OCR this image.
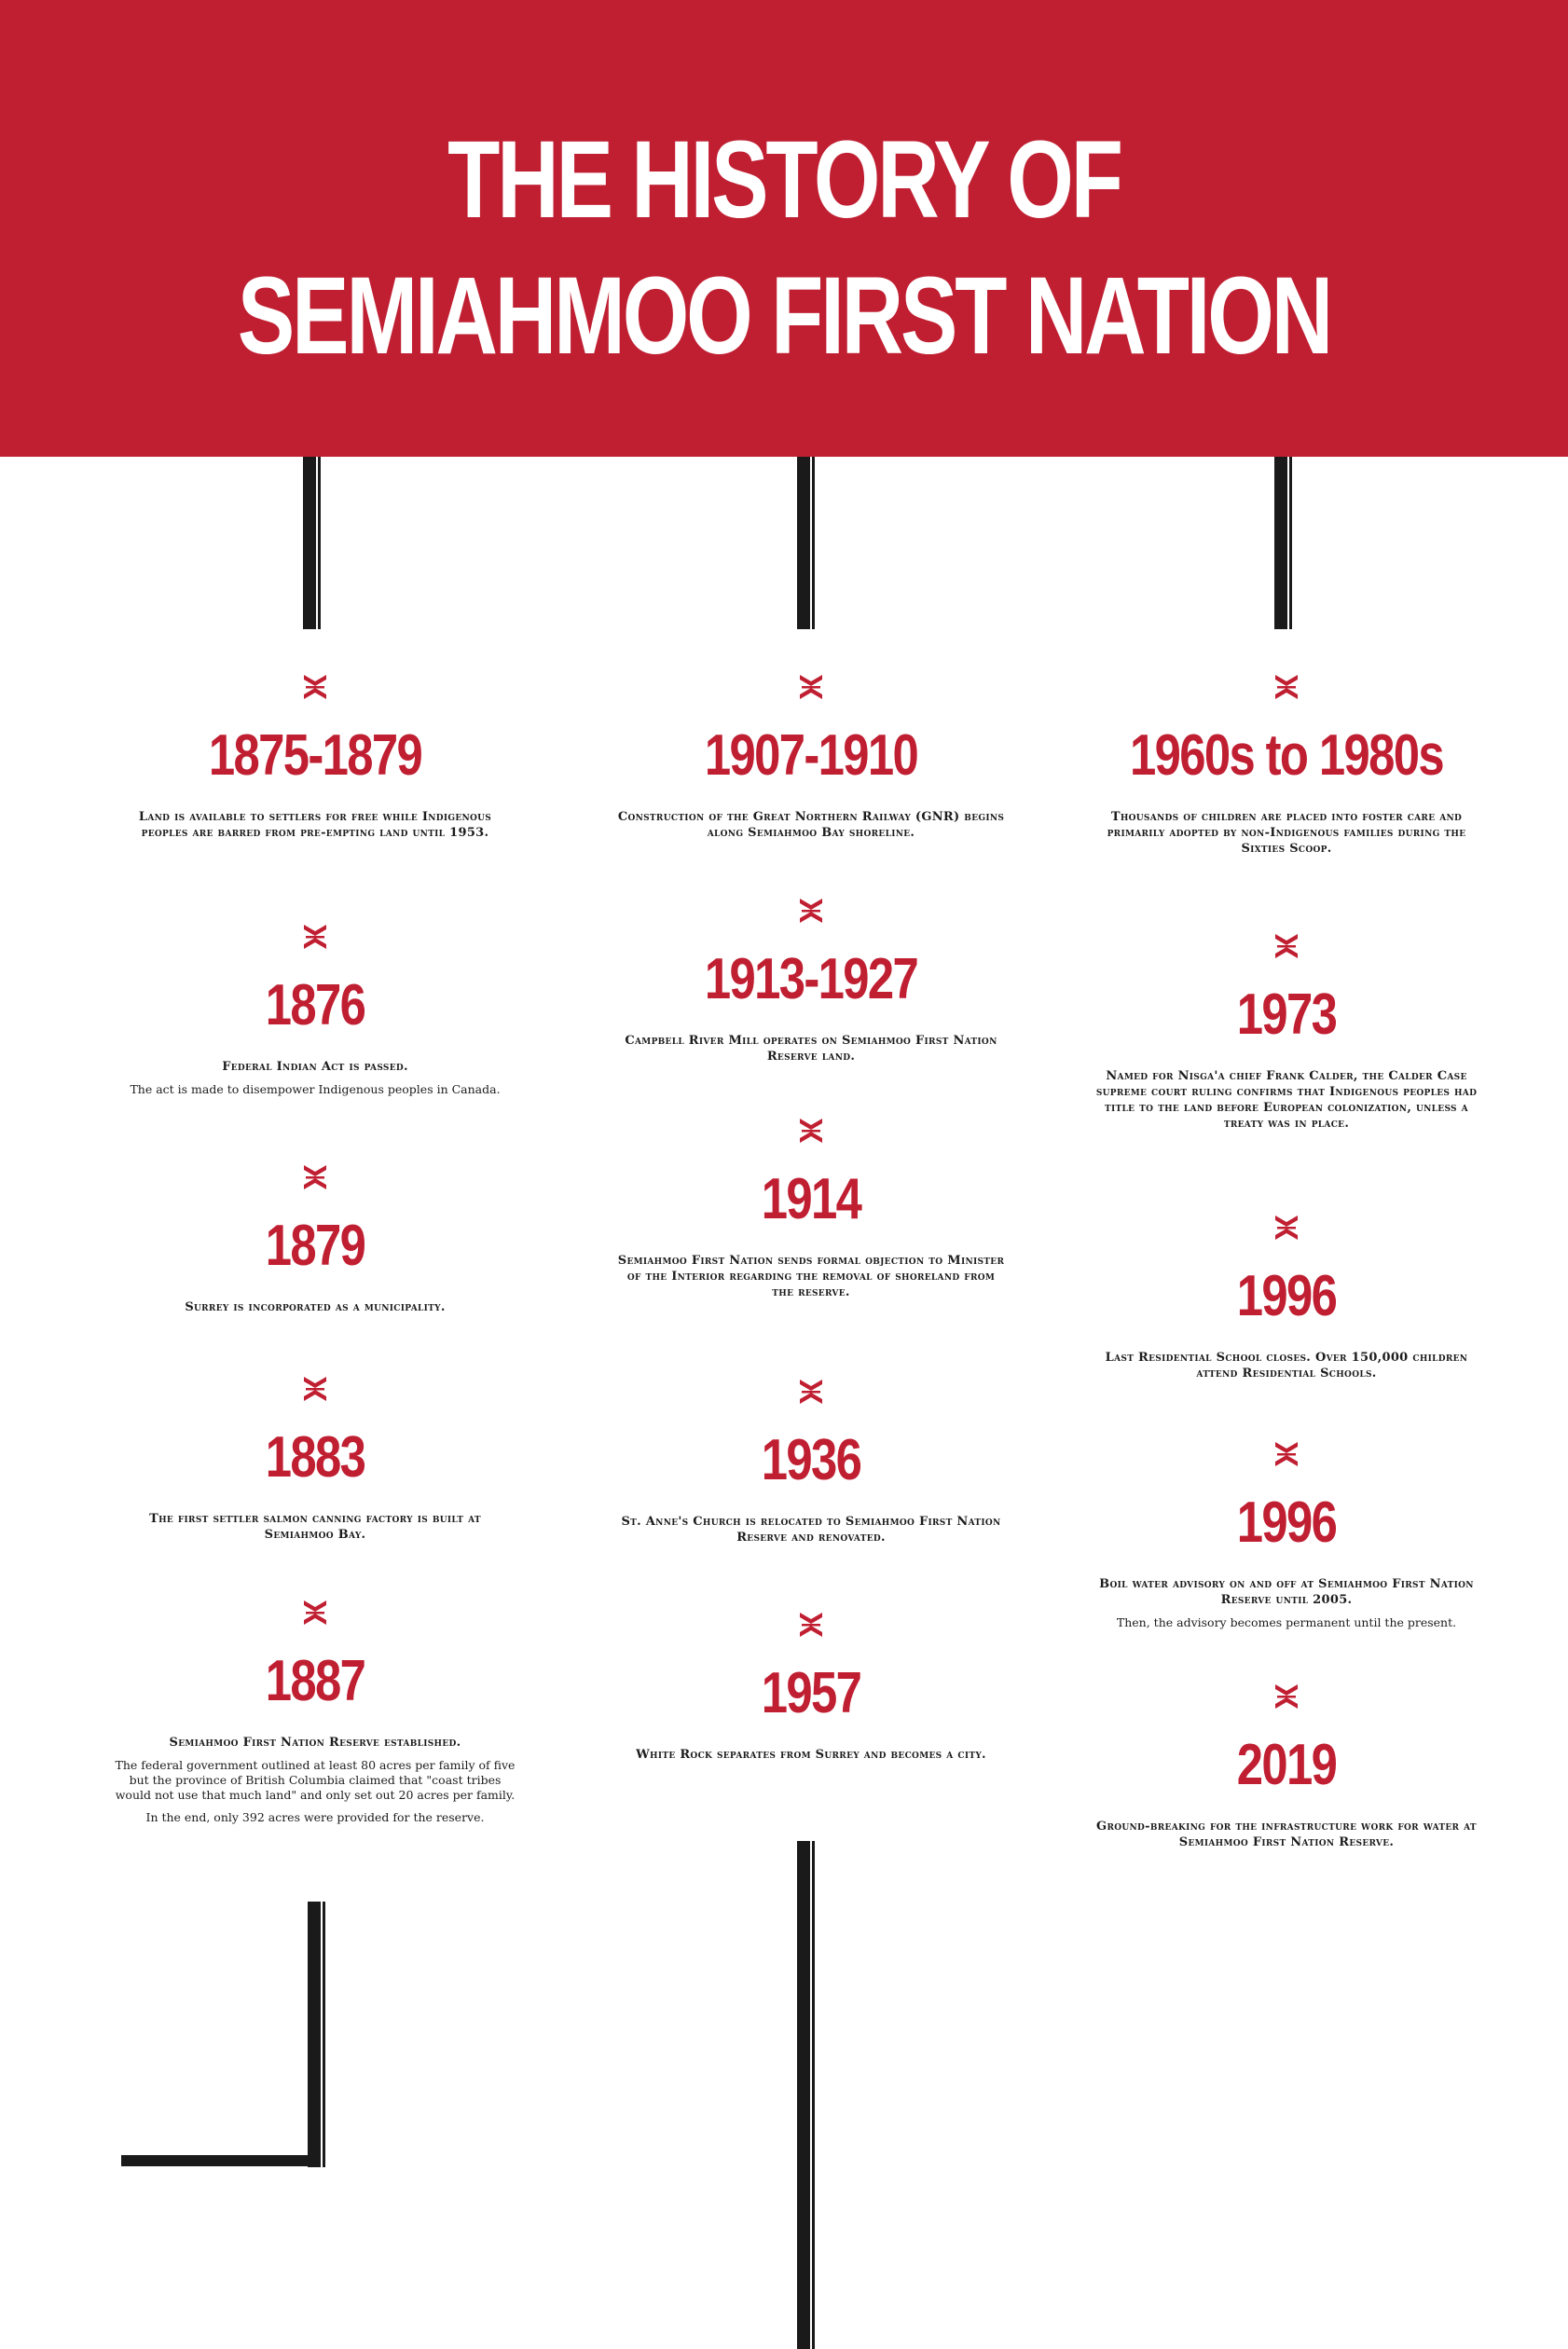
THE HISTORY OF
SEMIAHMOO FIRST NATION
1875-1879
Land is available to settlers for free while Indigenous peoples are barred from pre-empting land until 1953.
1876
Federal Indian Act is passed.
The act is made to disempower Indigenous peoples in Canada.
1879
Surrey is incorporated as a municipality.
1883
The first settler salmon canning factory is built at Semiahmoo Bay.
1887
Semiahmoo First Nation Reserve established.
The federal government outlined at least 80 acres per family of five but the province of British Columbia claimed that "coast tribes would not use that much land" and only set out 20 acres per family.
In the end, only 392 acres were provided for the reserve.
1907-1910
Construction of the Great Northern Railway (GNR) begins along Semiahmoo Bay shoreline.
1913-1927
Campbell River Mill operates on Semiahmoo First Nation Reserve land.
1914
Semiahmoo First Nation sends formal objection to Minister of the Interior regarding the removal of shoreland from the reserve.
1936
St. Anne's Church is relocated to Semiahmoo First Nation Reserve and renovated.
1957
White Rock separates from Surrey and becomes a city.
1960s to 1980s
Thousands of children are placed into foster care and primarily adopted by non-Indigenous families during the Sixties Scoop.
1973
Named for Nisga'a chief Frank Calder, the Calder Case supreme court ruling confirms that Indigenous peoples had title to the land before European colonization, unless a treaty was in place.
1996
Last Residential School closes. Over 150,000 children attend Residential Schools.
1996
Boil water advisory on and off at Semiahmoo First Nation Reserve until 2005.
Then, the advisory becomes permanent until the present.
2019
Ground-breaking for the infrastructure work for water at Semiahmoo First Nation Reserve.
